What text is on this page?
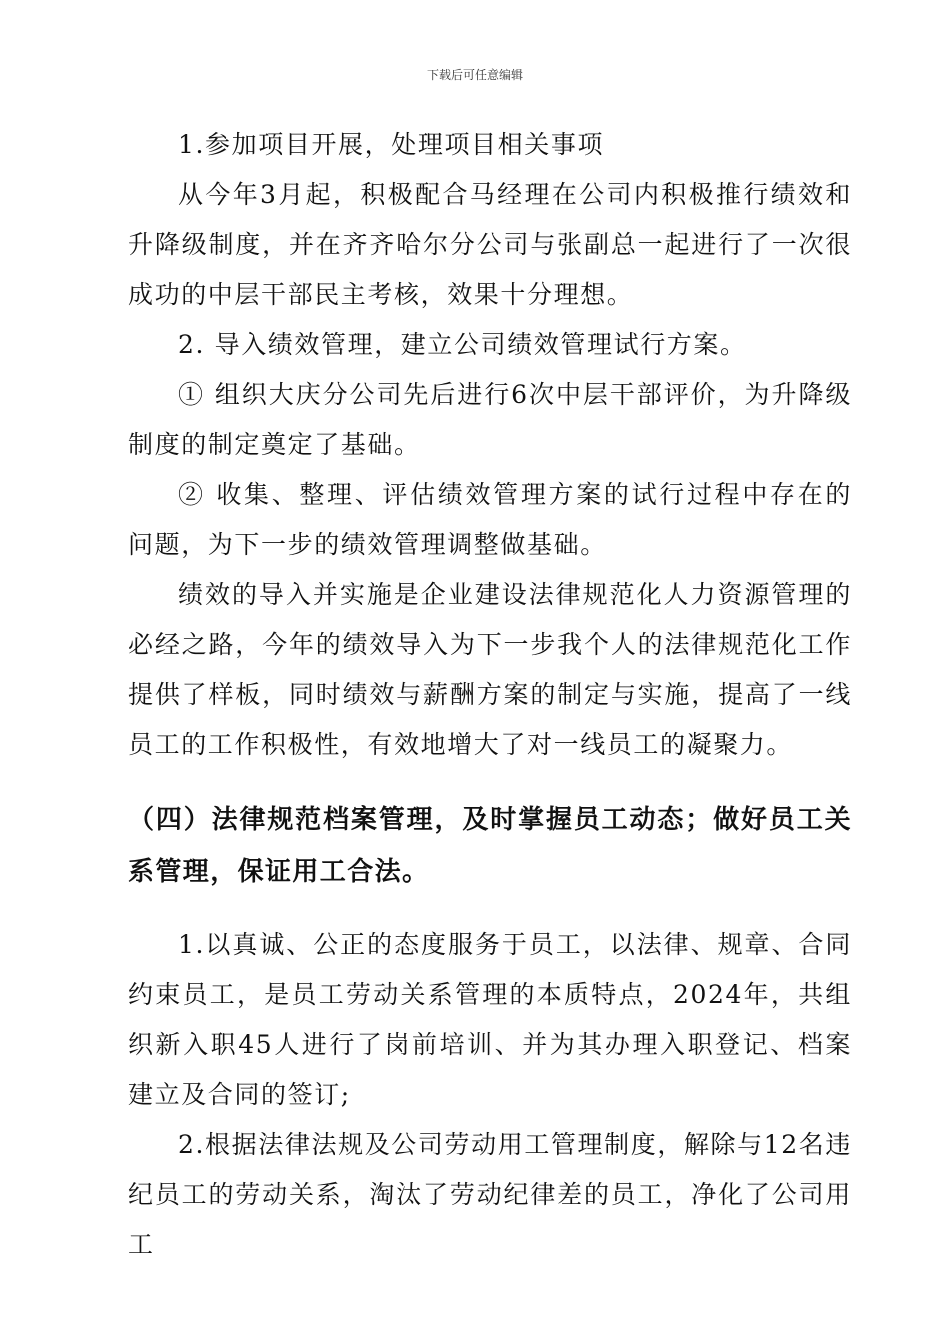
下载后可任意编辑

1.参加项目开展，处理项目相关事项

从今年3月起，积极配合马经理在公司内积极推行绩效和升降级制度，并在齐齐哈尔分公司与张副总一起进行了一次很成功的中层干部民主考核，效果十分理想。

2. 导入绩效管理，建立公司绩效管理试行方案。

① 组织大庆分公司先后进行6次中层干部评价，为升降级制度的制定奠定了基础。

② 收集、整理、评估绩效管理方案的试行过程中存在的问题，为下一步的绩效管理调整做基础。

绩效的导入并实施是企业建设法律规范化人力资源管理的必经之路，今年的绩效导入为下一步我个人的法律规范化工作提供了样板，同时绩效与薪酬方案的制定与实施，提高了一线员工的工作积极性，有效地增大了对一线员工的凝聚力。

（四）法律规范档案管理，及时掌握员工动态；做好员工关系管理，保证用工合法。

1.以真诚、公正的态度服务于员工，以法律、规章、合同约束员工，是员工劳动关系管理的本质特点，2024年，共组织新入职45人进行了岗前培训、并为其办理入职登记、档案建立及合同的签订;

2.根据法律法规及公司劳动用工管理制度，解除与12名违纪员工的劳动关系，淘汰了劳动纪律差的员工，净化了公司用工
